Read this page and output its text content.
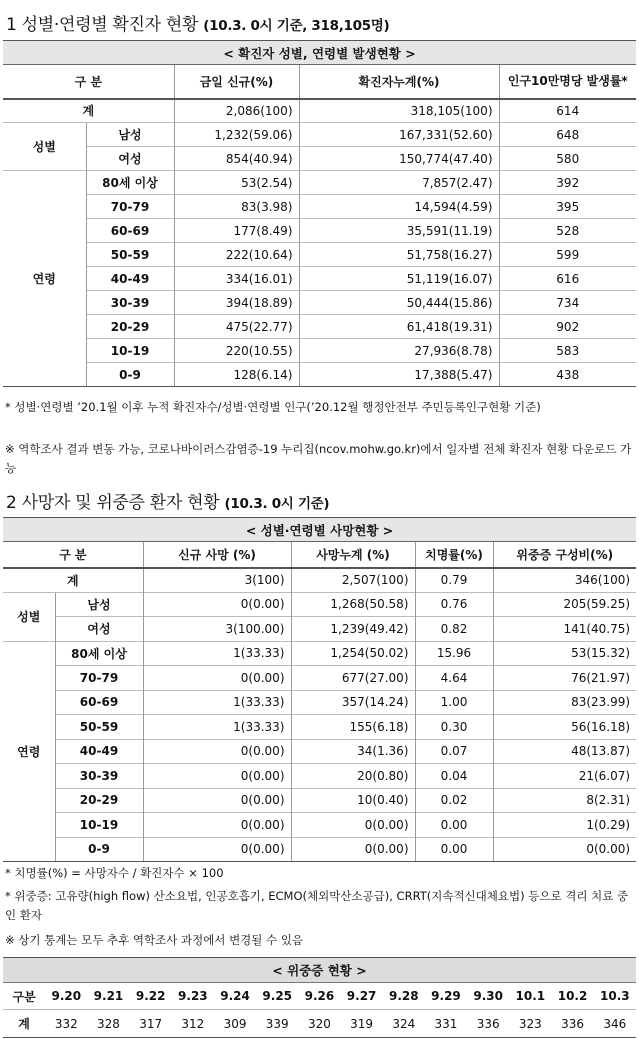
1 성별·연령별 확진자 현황 (10.3. 0시 기준, 318,105명)
< 확진자 성별, 연령별 발생현황 >				
구 분		금일 신규(%)	확진자누계(%)	인구10만명당 발생률*
계		2,086(100)	318,105(100)	614
성별	남성	1,232(59.06)	167,331(52.60)	648
	여성	854(40.94)	150,774(47.40)	580
연령	80세 이상	53(2.54)	7,857(2.47)	392
	70-79	83(3.98)	14,594(4.59)	395
	60-69	177(8.49)	35,591(11.19)	528
	50-59	222(10.64)	51,758(16.27)	599
	40-49	334(16.01)	51,119(16.07)	616
	30-39	394(18.89)	50,444(15.86)	734
	20-29	475(22.77)	61,418(19.31)	902
	10-19	220(10.55)	27,936(8.78)	583
	0-9	128(6.14)	17,388(5.47)	438
* 성별·연령별 ’20.1월 이후 누적 확진자수/성별·연령별 인구(’20.12월 행정안전부 주민등록인구현황 기준)
※ 역학조사 결과 변동 가능, 코로나바이러스감염증-19 누리집(ncov.mohw.go.kr)에서 일자별 전체 확진자 현황 다운로드 가능
2 사망자 및 위중증 환자 현황 (10.3. 0시 기준)
< 성별·연령별 사망현황 >					
구 분		신규 사망 (%)	사망누계 (%)	치명률(%)	위중증 구성비(%)
계		3(100)	2,507(100)	0.79	346(100)
성별	남성	0(0.00)	1,268(50.58)	0.76	205(59.25)
	여성	3(100.00)	1,239(49.42)	0.82	141(40.75)
연령	80세 이상	1(33.33)	1,254(50.02)	15.96	53(15.32)
	70-79	0(0.00)	677(27.00)	4.64	76(21.97)
	60-69	1(33.33)	357(14.24)	1.00	83(23.99)
	50-59	1(33.33)	155(6.18)	0.30	56(16.18)
	40-49	0(0.00)	34(1.36)	0.07	48(13.87)
	30-39	0(0.00)	20(0.80)	0.04	21(6.07)
	20-29	0(0.00)	10(0.40)	0.02	8(2.31)
	10-19	0(0.00)	0(0.00)	0.00	1(0.29)
	0-9	0(0.00)	0(0.00)	0.00	0(0.00)
* 치명률(%) = 사망자수 / 확진자수 × 100
* 위중증: 고유량(high flow) 산소요법, 인공호흡기, ECMO(체외막산소공급), CRRT(지속적신대체요법) 등으로 격리 치료 중인 환자
※ 상기 통계는 모두 추후 역학조사 과정에서 변경될 수 있음
< 위중증 현황 >														
구분	9.20	9.21	9.22	9.23	9.24	9.25	9.26	9.27	9.28	9.29	9.30	10.1	10.2	10.3
계	332	328	317	312	309	339	320	319	324	331	336	323	336	346
